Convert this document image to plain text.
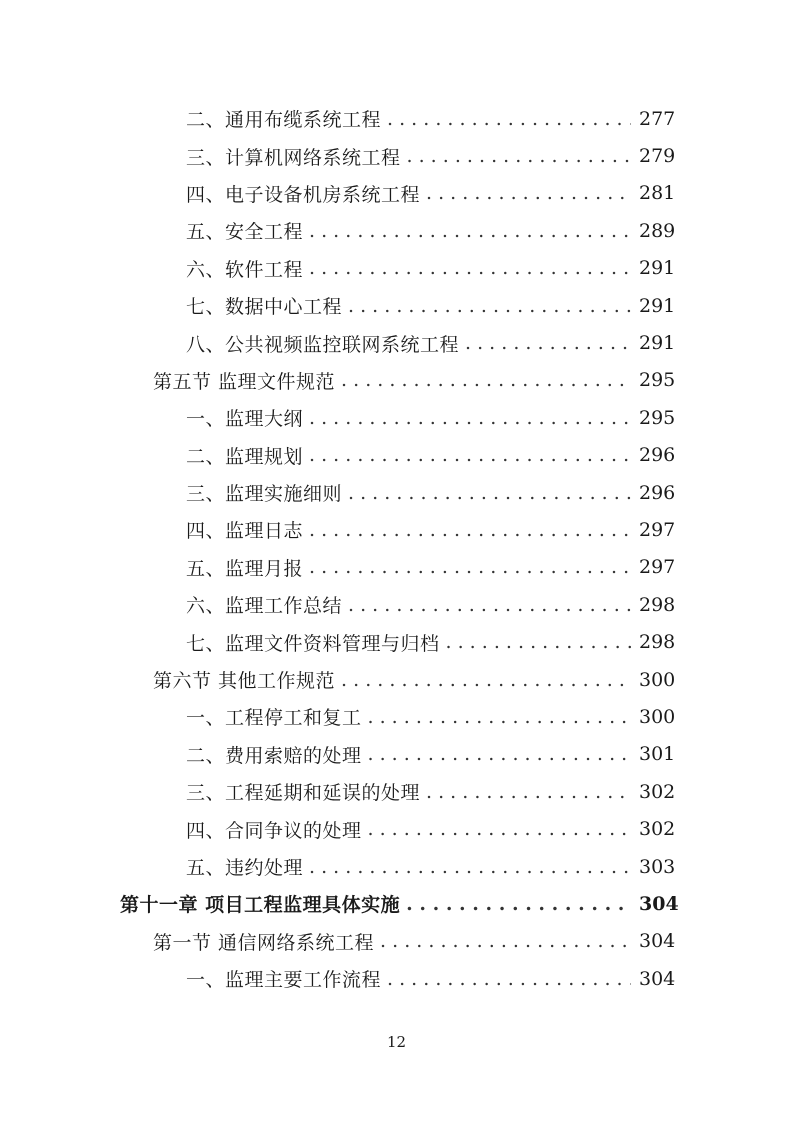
二、通用布缆系统工程 . . .	277
三、计算机网络系统工程 . . .	279
四、电子设备机房系统工程 . . .	281
五、安全工程 . . .	289
六、软件工程 . . .	291
七、数据中心工程 . . .	291
八、公共视频监控联网系统工程 . . .	291
第五节 监理文件规范 . . .	295
一、监理大纲 . . .	295
二、监理规划 . . .	296
三、监理实施细则 . . .	296
四、监理日志 . . .	297
五、监理月报 . . .	297
六、监理工作总结 . . .	298
七、监理文件资料管理与归档 . . .	298
第六节 其他工作规范 . . .	300
一、工程停工和复工 . . .	300
二、费用索赔的处理 . . .	301
三、工程延期和延误的处理 . . .	302
四、合同争议的处理 . . .	302
五、违约处理 . . .	303
第十一章 项目工程监理具体实施 . . .	304
第一节 通信网络系统工程 . . .	304
一、监理主要工作流程 . . .	304
12
